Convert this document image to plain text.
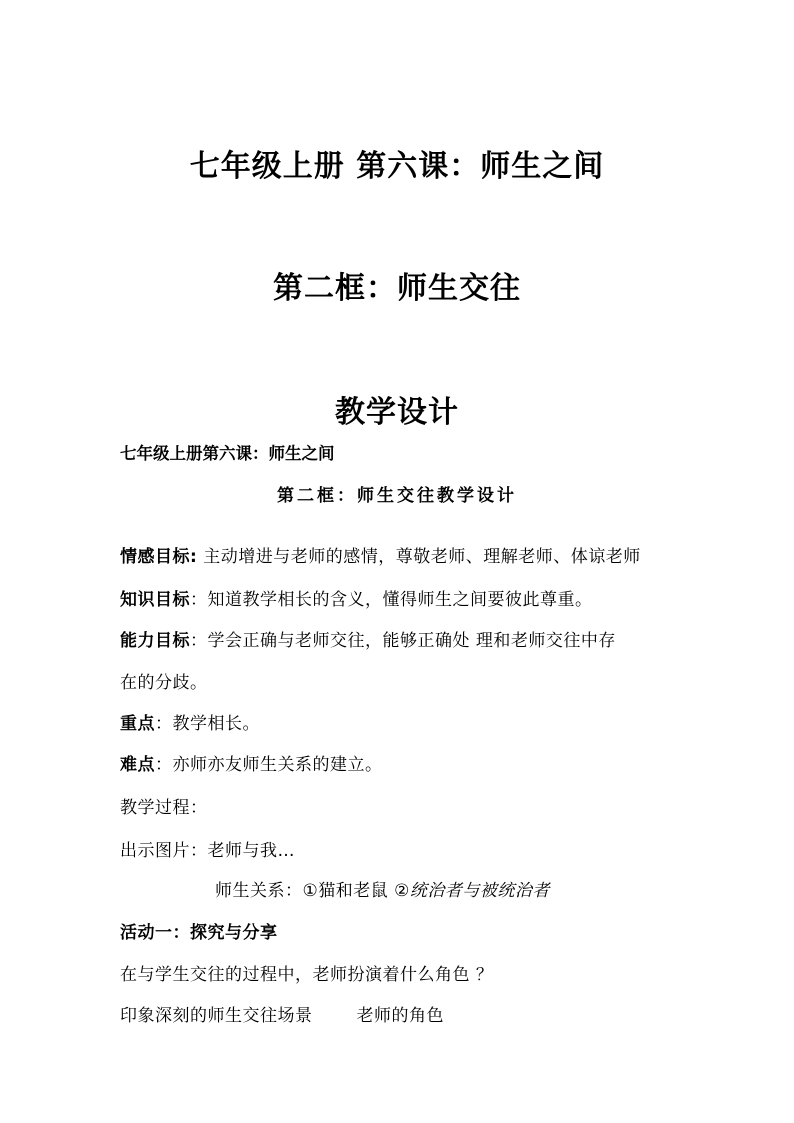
七年级上册 第六课：师生之间
第二框：师生交往
教学设计
七年级上册第六课：师生之间
第二框：师生交往教学设计
情感目标: 主动增进与老师的感情，尊敬老师、理解老师、体谅老师
知识目标：知道教学相长的含义，懂得师生之间要彼此尊重。
能力目标：学会正确与老师交往，能够正确处 理和老师交往中存
在的分歧。
重点：教学相长。
难点：亦师亦友师生关系的建立。
教学过程：
出示图片：老师与我…
师生关系：①猫和老鼠 ②统治者与被统治者
活动一：探究与分享
在与学生交往的过程中，老师扮演着什么角色 ？
印象深刻的师生交往场景	老师的角色
